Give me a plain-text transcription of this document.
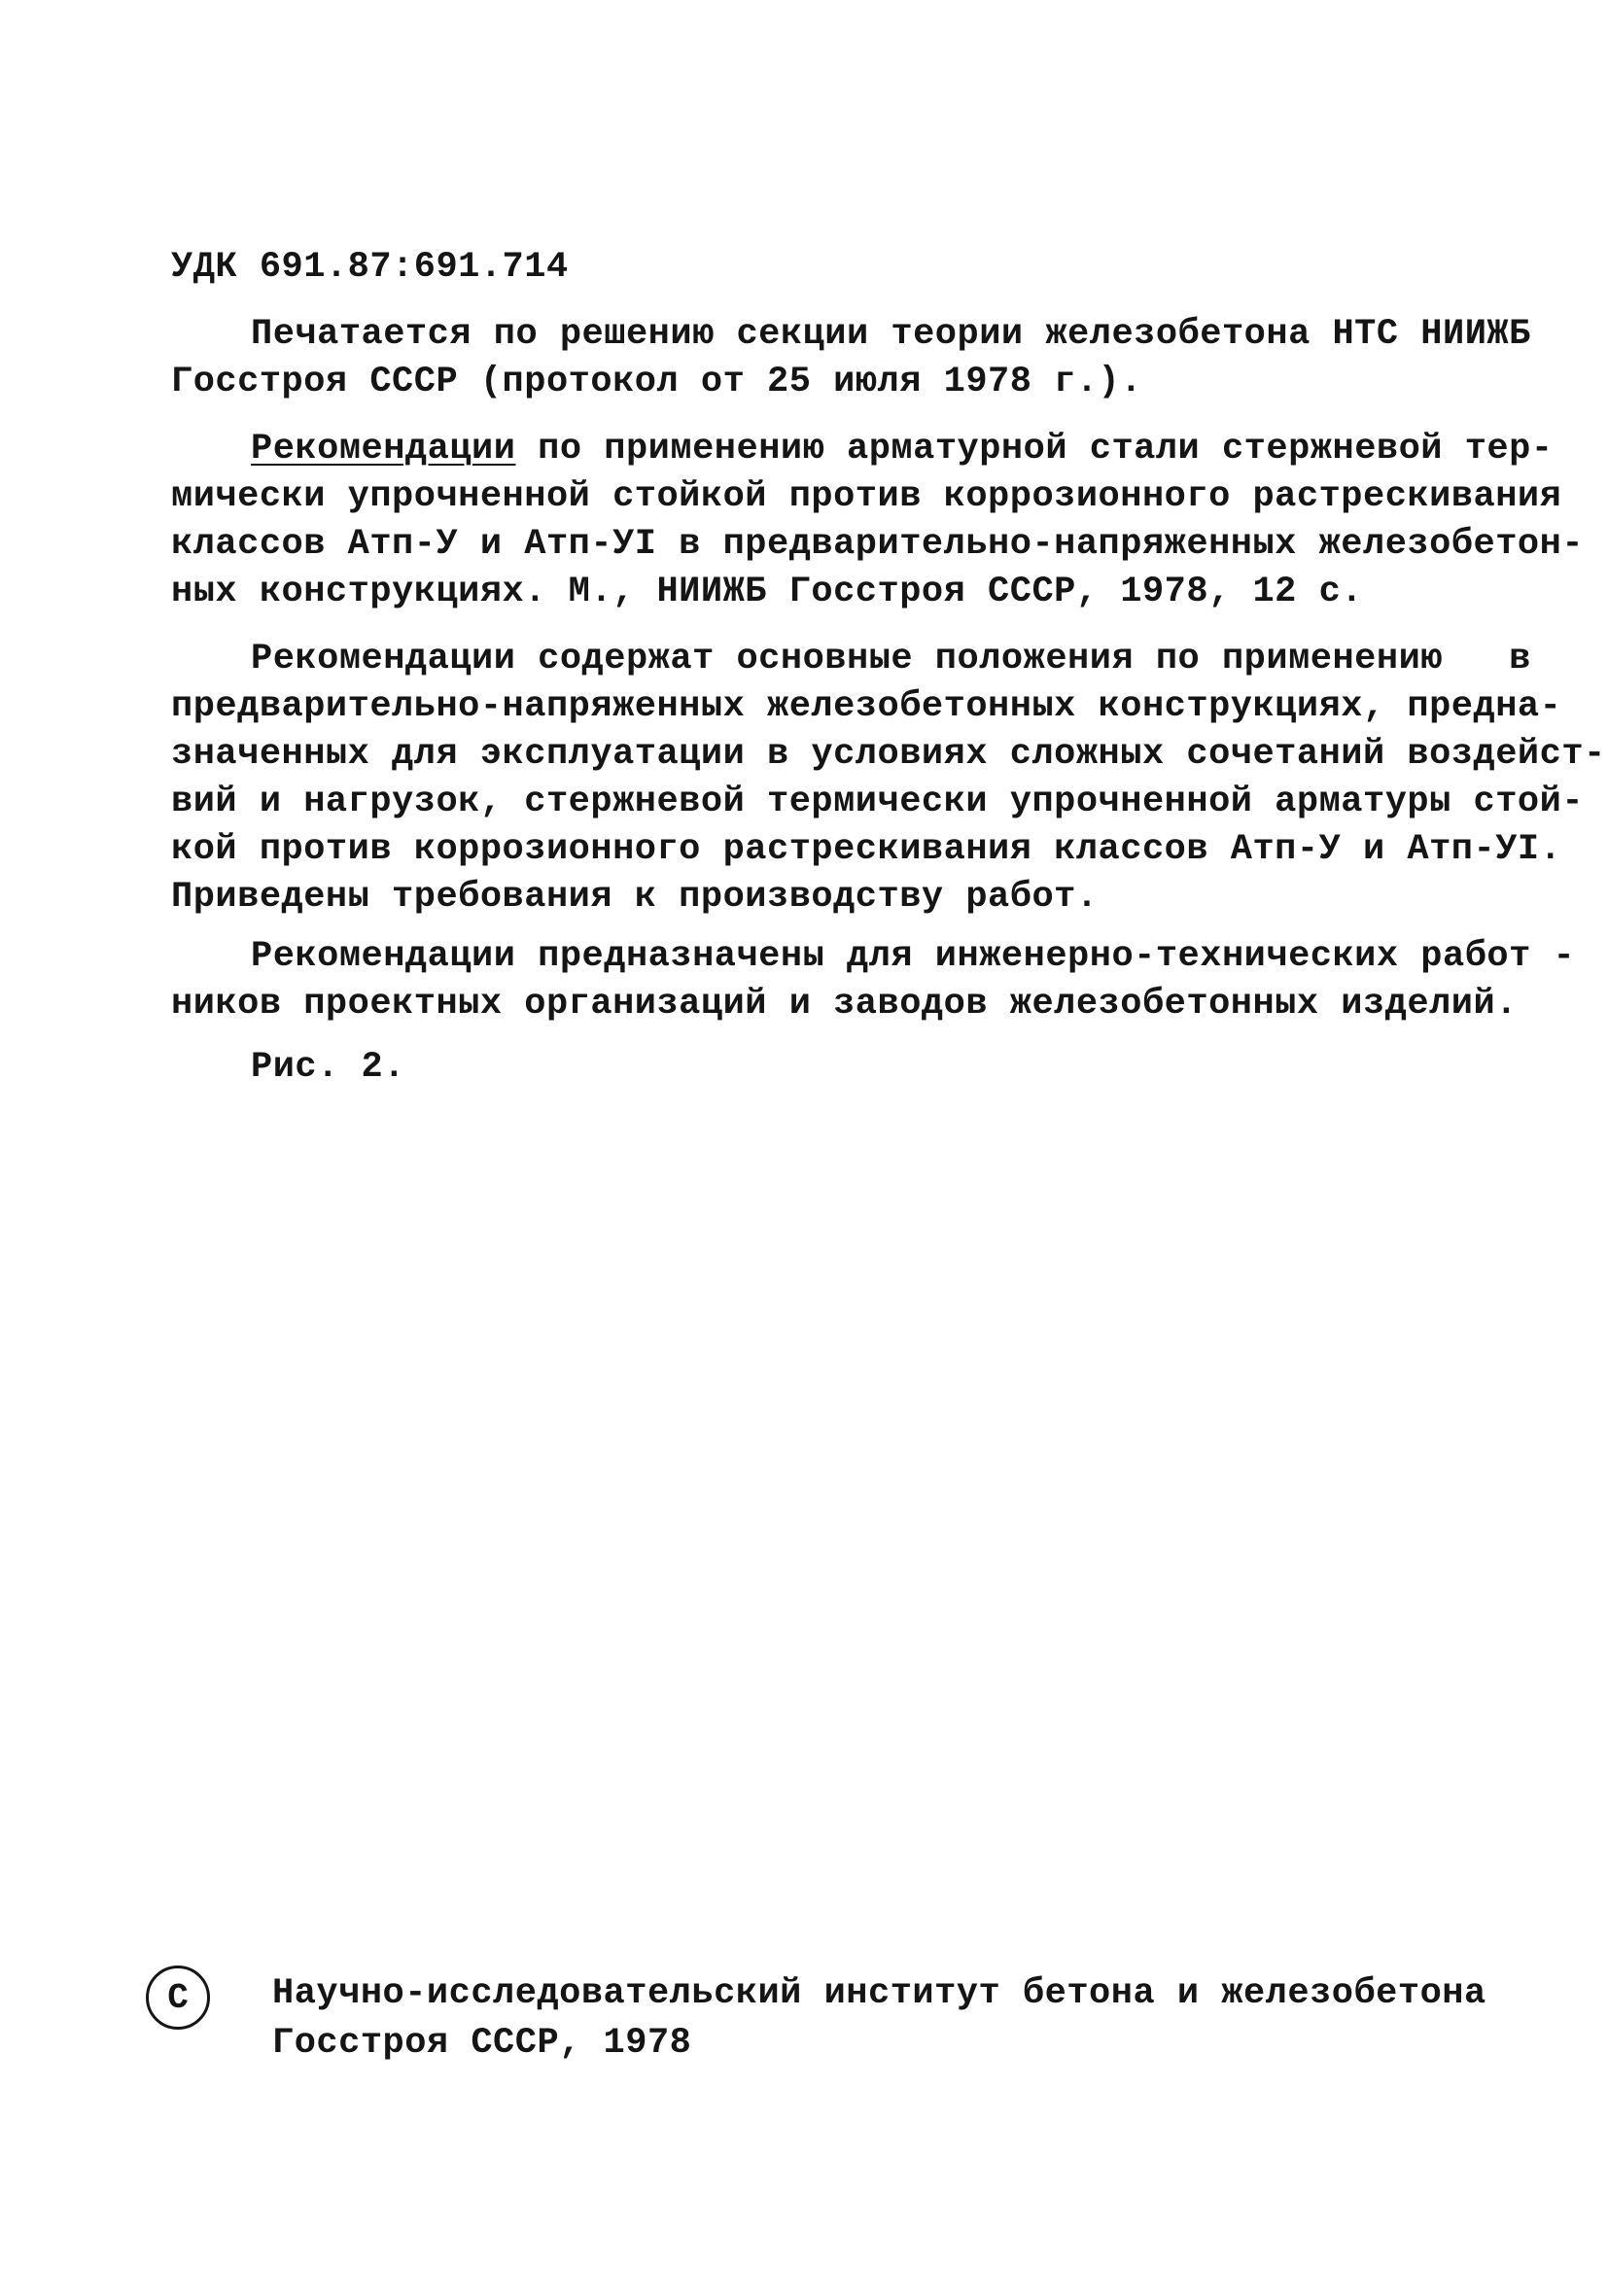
УДК 691.87:691.714
Печатается по решению секции теории железобетона НТС НИИЖБ
Госстроя СССР (протокол от 25 июля 1978 г.).
Рекомендации по применению арматурной стали стержневой тер-
мически упрочненной стойкой против коррозионного растрескивания
классов Атп-У и Атп-УI в предварительно-напряженных железобетон-
ных конструкциях. М., НИИЖБ Госстроя СССР, 1978, 12 с.
Рекомендации содержат основные положения по применению   в
предварительно-напряженных железобетонных конструкциях, предна-
значенных для эксплуатации в условиях сложных сочетаний воздейст-
вий и нагрузок, стержневой термически упрочненной арматуры стой-
кой против коррозионного растрескивания классов Атп-У и Атп-УI.
Приведены требования к производству работ.
Рекомендации предназначены для инженерно-технических работ -
ников проектных организаций и заводов железобетонных изделий.
Рис. 2.
С	Научно-исследовательский институт бетона и железобетона
Госстроя СССР, 1978
